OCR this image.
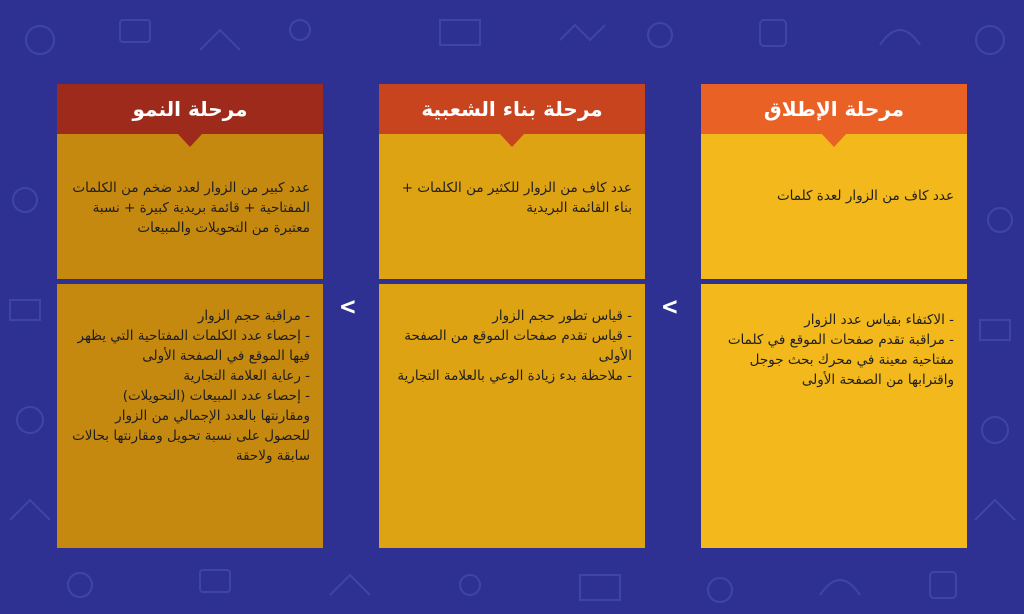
مرحلة النمو

عدد كبير من الزوار لعدد ضخم من الكلمات المفتاحية + قائمة بريدية كبيرة + نسبة معتبرة من التحويلات والمبيعات

- مراقبة حجم الزوار

- إحصاء عدد الكلمات المفتاحية التي يظهر فيها الموقع في الصفحة الأولى

- رعاية العلامة التجارية

- إحصاء عدد المبيعات (التحويلات) ومقارنتها بالعدد الإجمالي من الزوار للحصول على نسبة تحويل ومقارنتها بحالات سابقة ولاحقة

مرحلة بناء الشعبية

عدد كاف من الزوار للكثير من الكلمات + بناء القائمة البريدية

- قياس تطور حجم الزوار

- قياس تقدم صفحات الموقع من الصفحة الأولى

- ملاحظة بدء زيادة الوعي بالعلامة التجارية

مرحلة الإطلاق

عدد كاف من الزوار لعدة كلمات

- الاكتفاء بقياس عدد الزوار

- مراقبة تقدم صفحات الموقع في كلمات مفتاحية معينة في محرك بحث جوجل واقترابها من الصفحة الأولى

<	<
